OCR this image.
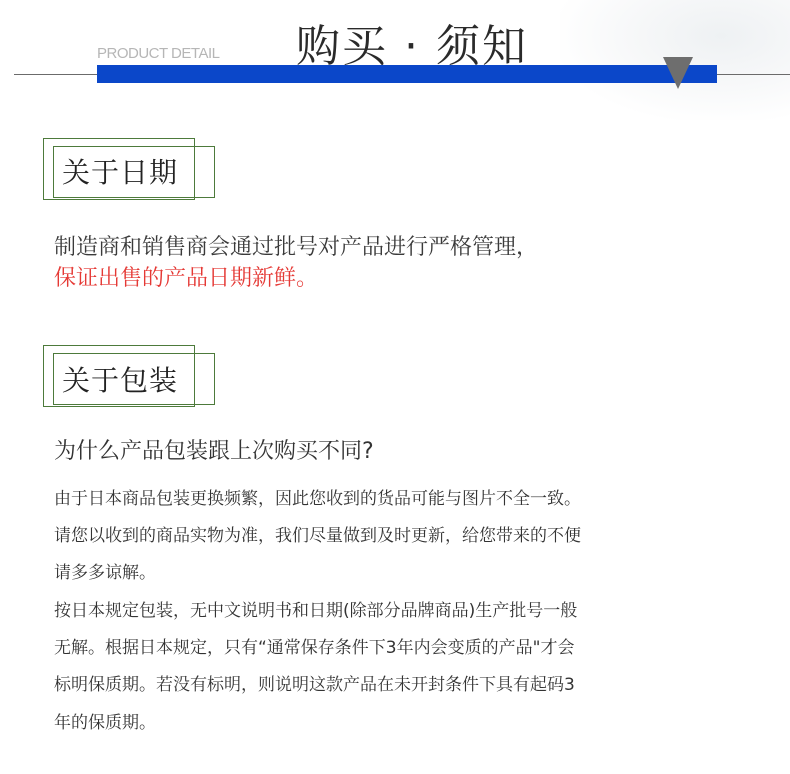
PRODUCT DETAIL 购买 · 须知
关于日期
制造商和销售商会通过批号对产品进行严格管理，
保证出售的产品日期新鲜。
关于包装
为什么产品包装跟上次购买不同?
由于日本商品包装更换频繁，因此您收到的货品可能与图片不全一致。
请您以收到的商品实物为准，我们尽量做到及时更新，给您带来的不便
请多多谅解。
按日本规定包装，无中文说明书和日期(除部分品牌商品)生产批号一般
无解。根据日本规定，只有“通常保存条件下3年内会变质的产品"才会
标明保质期。若没有标明，则说明这款产品在未开封条件下具有起码3
年的保质期。
